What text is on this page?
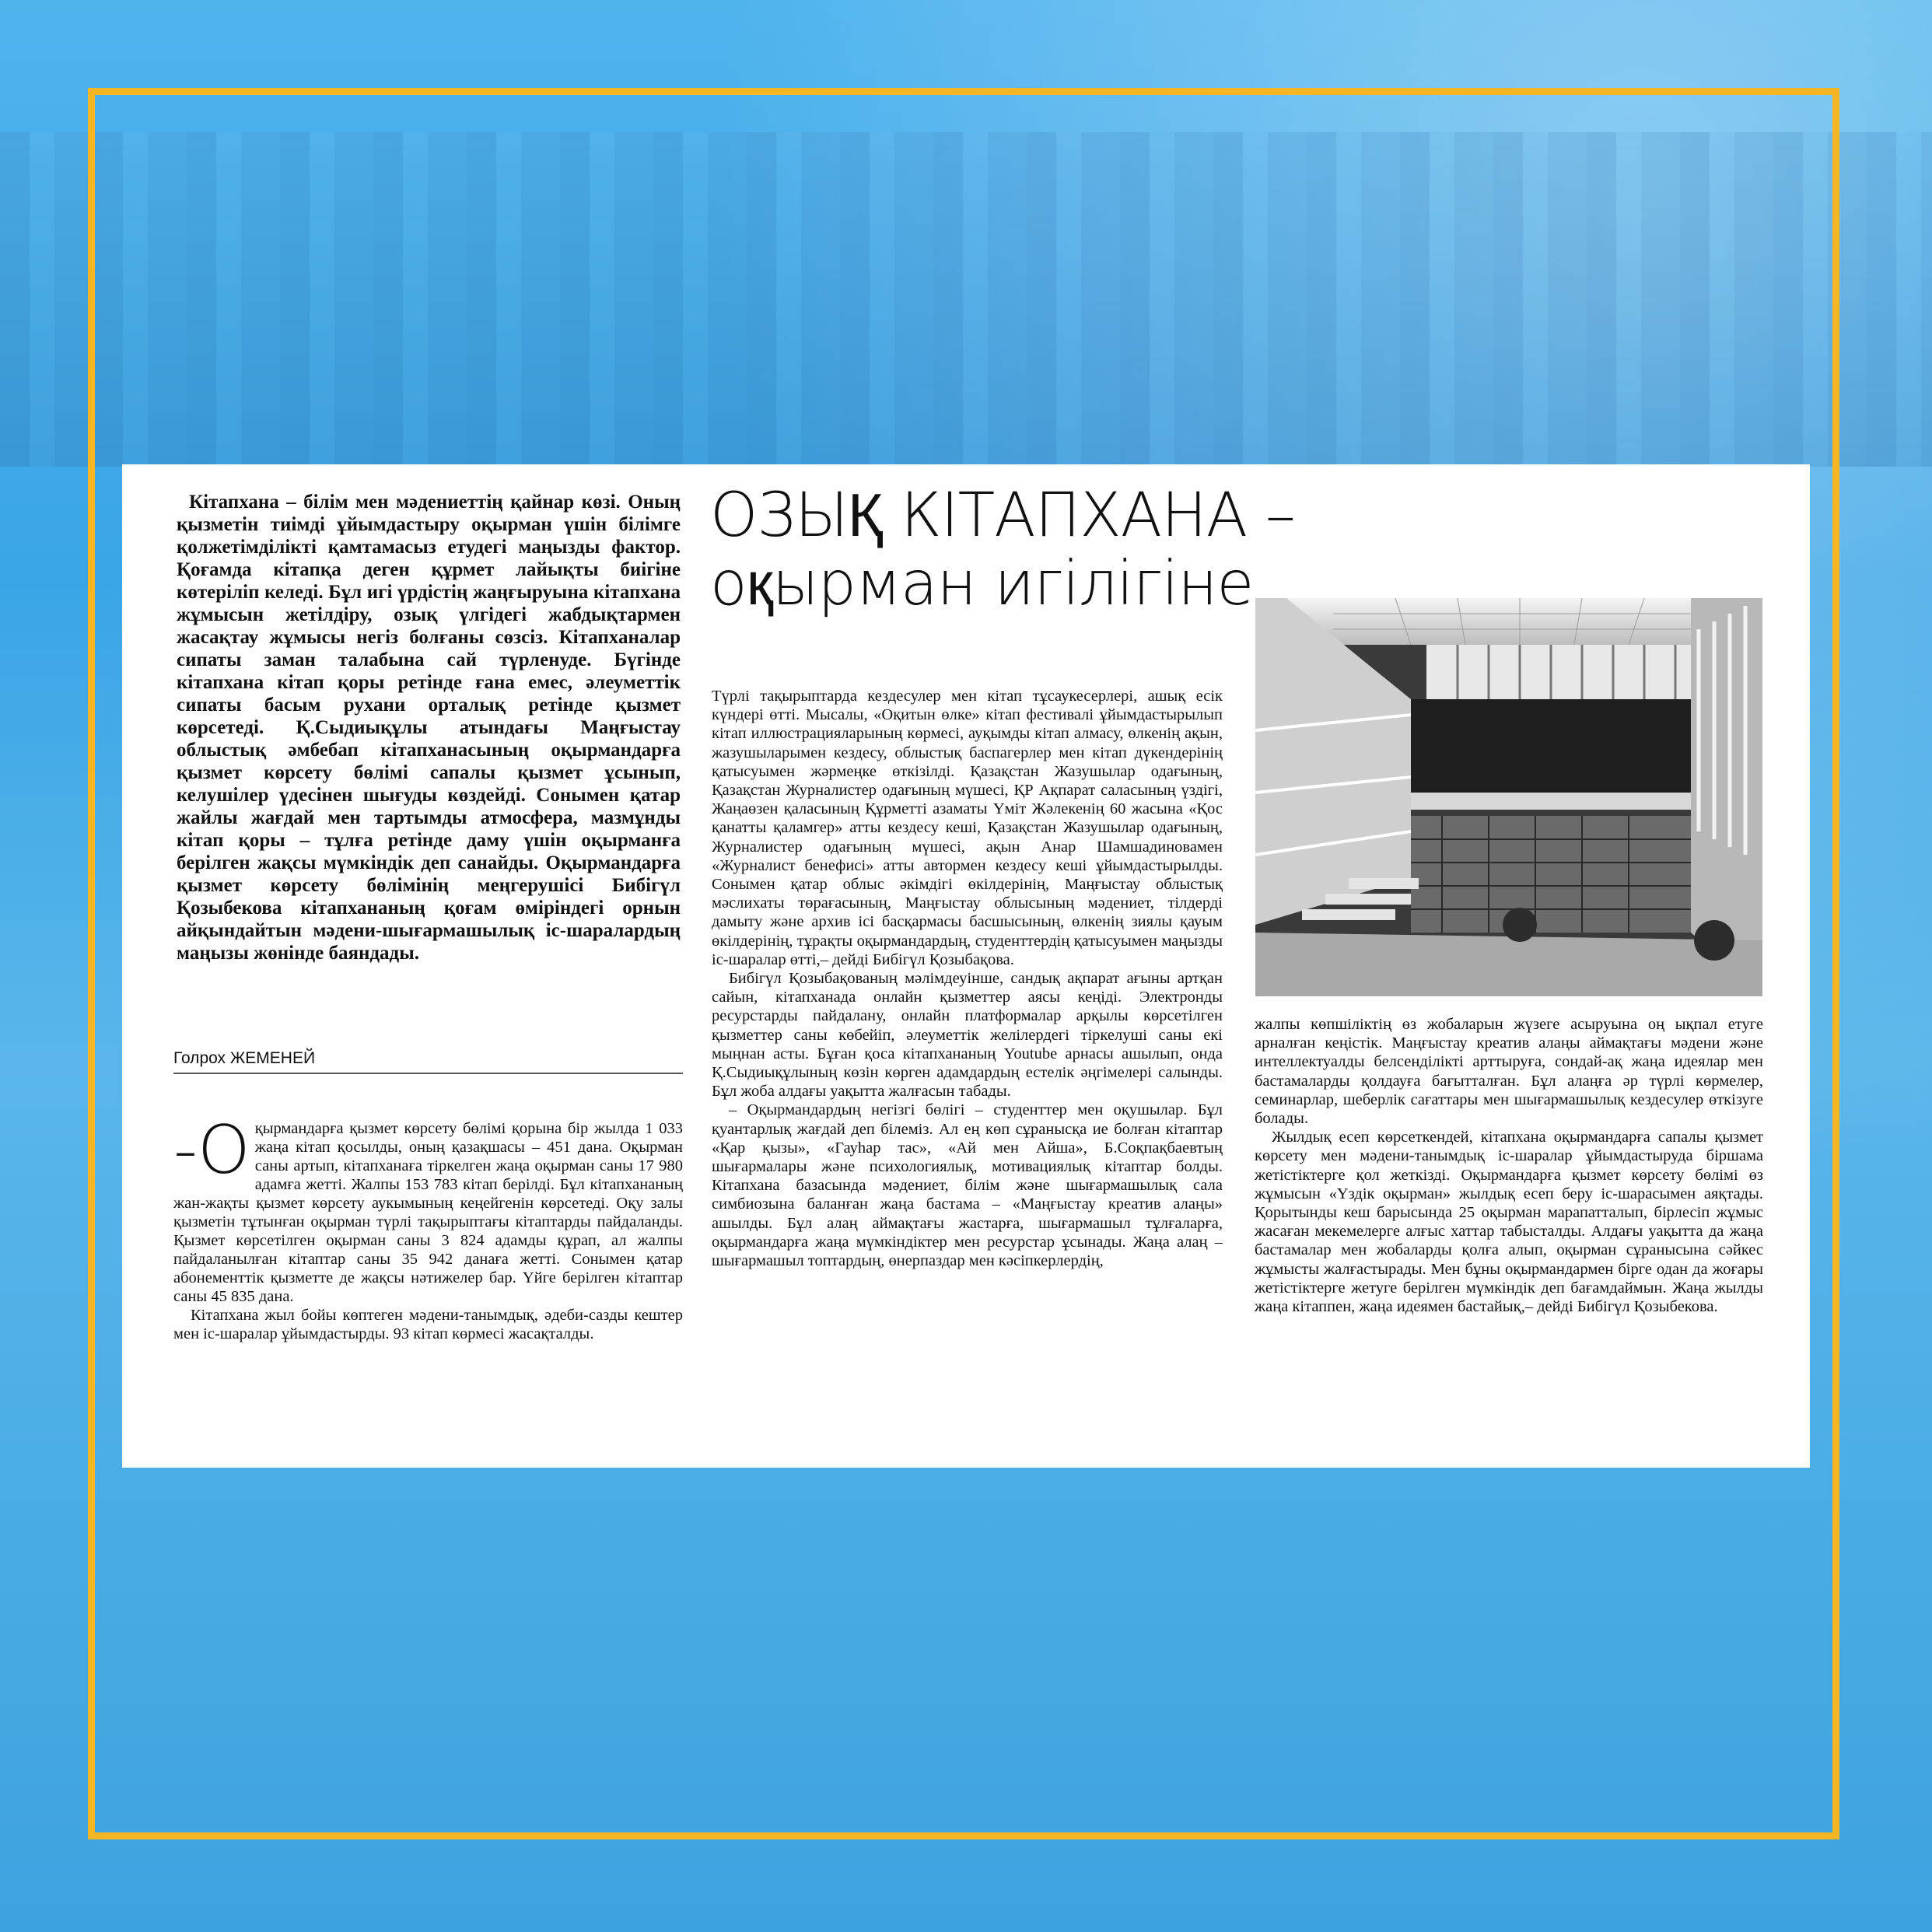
Кітапхана – білім мен мәдениеттің қайнар көзі. Оның қызметін тиімді ұйымдастыру оқырман үшін білімге қолжетімділікті қамтамасыз етудегі маңызды фактор. Қоғамда кітапқа деген құрмет лайықты биігіне көтеріліп келеді. Бұл игі үрдістің жаңғыруына кітапхана жұмысын жетілдіру, озық үлгідегі жабдықтармен жасақтау жұмысы негіз болғаны сөзсіз. Кітапханалар сипаты заман талабына сай түрленуде. Бүгінде кітапхана кітап қоры ретінде ғана емес, әлеуметтік сипаты басым рухани орталық ретінде қызмет көрсетеді. Қ.Сыдиықұлы атындағы Маңғыстау облыстық әмбебап кітапханасының оқырмандарға қызмет көрсету бөлімі сапалы қызмет ұсынып, келушілер үдесінен шығуды көздейді. Сонымен қатар жайлы жағдай мен тартымды атмосфера, мазмұнды кітап қоры – тұлға ретінде даму үшін оқырманға берілген жақсы мүмкіндік деп санайды. Оқырмандарға қызмет көрсету бөлімінің меңгерушісі Бибігүл Қозыбекова кітапхананың қоғам өміріндегі орнын айқындайтын мәдени-шығармашылық іс-шаралардың маңызы жөнінде баяндады.
Голрох ЖЕМЕНЕЙ

-О қырмандарға қызмет көрсету бөлімі қорына бір жылда 1 033 жаңа кітап қосылды, оның қазақшасы – 451 дана. Оқырман саны артып, кітапханаға тіркелген жаңа оқырман саны 17 980 адамға жетті. Жалпы 153 783 кітап берілді. Бұл кітапхананың жан-жақты қызмет көрсету аукымының кеңейгенін көрсетеді. Оқу залы қызметін тұтынған оқырман түрлі тақырыптағы кітаптарды пайдаланды. Қызмет көрсетілген оқырман саны 3 824 адамды құрап, ал жалпы пайдаланылған кітаптар саны 35 942 данаға жетті. Сонымен қатар абонементтік қызметте де жақсы нәтижелер бар. Үйге берілген кітаптар саны 45 835 дана.

Кітапхана жыл бойы көптеген мәдени-танымдық, әдеби-сазды кештер мен іс-шаралар ұйымдастырды. 93 кітап көрмесі жасақталды.

ОЗЫҚ КІТАПХАНА –
оқырман игілігіне

Түрлі тақырыптарда кездесулер мен кітап тұсаукесерлері, ашық есік күндері өтті. Мысалы, «Оқитын өлке» кітап фестивалі ұйымдастырылып кітап иллюстрацияларының көрмесі, ауқымды кітап алмасу, өлкенің ақын, жазушыларымен кездесу, облыстық баспагерлер мен кітап дүкендерінің қатысуымен жәрмеңке өткізілді. Қазақстан Жазушылар одағының, Қазақстан Журналистер одағының мүшесі, ҚР Ақпарат саласының үздігі, Жаңаөзен қаласының Құрметті азаматы Үміт Жәлекенің 60 жасына «Қос қанатты қаламгер» атты кездесу кеші, Қазақстан Жазушылар одағының, Журналистер одағының мүшесі, ақын Анар Шамшадиновамен «Журналист бенефисі» атты автормен кездесу кеші ұйымдастырылды. Сонымен қатар облыс әкімдігі өкілдерінің, Маңғыстау облыстық мәслихаты төрағасының, Маңғыстау облысының мәдениет, тілдерді дамыту және архив ісі басқармасы басшысының, өлкенің зиялы қауым өкілдерінің, тұрақты оқырмандардың, студенттердің қатысуымен маңызды іс-шаралар өтті,– дейді Бибігүл Қозыбақова.

Бибігүл Қозыбақованың мәлімдеуінше, сандық ақпарат ағыны артқан сайын, кітапханада онлайн қызметтер аясы кеңіді. Электронды ресурстарды пайдалану, онлайн платформалар арқылы көрсетілген қызметтер саны көбейіп, әлеуметтік желілердегі тіркелуші саны екі мыңнан асты. Бұған қоса кітапхананың Youtube арнасы ашылып, онда Қ.Сыдиықұлының көзін көрген адамдардың естелік әңгімелері салынды. Бұл жоба алдағы уақытта жалғасын табады.

– Оқырмандардың негізгі бөлігі – студенттер мен оқушылар. Бұл қуантарлық жағдай деп білеміз. Ал ең көп сұранысқа ие болған кітаптар «Қар қызы», «Гауһар тас», «Ай мен Айша», Б.Соқпақбаевтың шығармалары және психологиялық, мотивациялық кітаптар болды. Кітапхана базасында мәдениет, білім және шығармашылық сала симбиозына баланған жаңа бастама – «Маңғыстау креатив алаңы» ашылды. Бұл алаң аймақтағы жастарға, шығармашыл тұлғаларға, оқырмандарға жаңа мүмкіндіктер мен ресурстар ұсынады. Жаңа алаң – шығармашыл топтардың, өнерпаздар мен кәсіпкерлердің,

жалпы көпшіліктің өз жобаларын жүзеге асыруына оң ықпал етуге арналған кеңістік. Маңғыстау креатив алаңы аймақтағы мәдени және интеллектуалды белсенділікті арттыруға, сондай-ақ жаңа идеялар мен бастамаларды қолдауға бағытталған. Бұл алаңға әр түрлі көрмелер, семинарлар, шеберлік сағаттары мен шығармашылық кездесулер өткізуге болады.

Жылдық есеп көрсеткендей, кітапхана оқырмандарға сапалы қызмет көрсету мен мәдени-танымдық іс-шаралар ұйымдастыруда біршама жетістіктерге қол жеткізді. Оқырмандарға қызмет көрсету бөлімі өз жұмысын «Үздік оқырман» жылдық есеп беру іс-шарасымен аяқтады. Қорытынды кеш барысында 25 оқырман марапатталып, бірлесіп жұмыс жасаған мекемелерге алғыс хаттар табысталды. Алдағы уақытта да жаңа бастамалар мен жобаларды қолға алып, оқырман сұранысына сәйкес жұмысты жалғастырады. Мен бұны оқырмандармен бірге одан да жоғары жетістіктерге жетуге берілген мүмкіндік деп бағамдаймын. Жаңа жылды жаңа кітаппен, жаңа идеямен бастайық,– дейді Бибігүл Қозыбекова.
